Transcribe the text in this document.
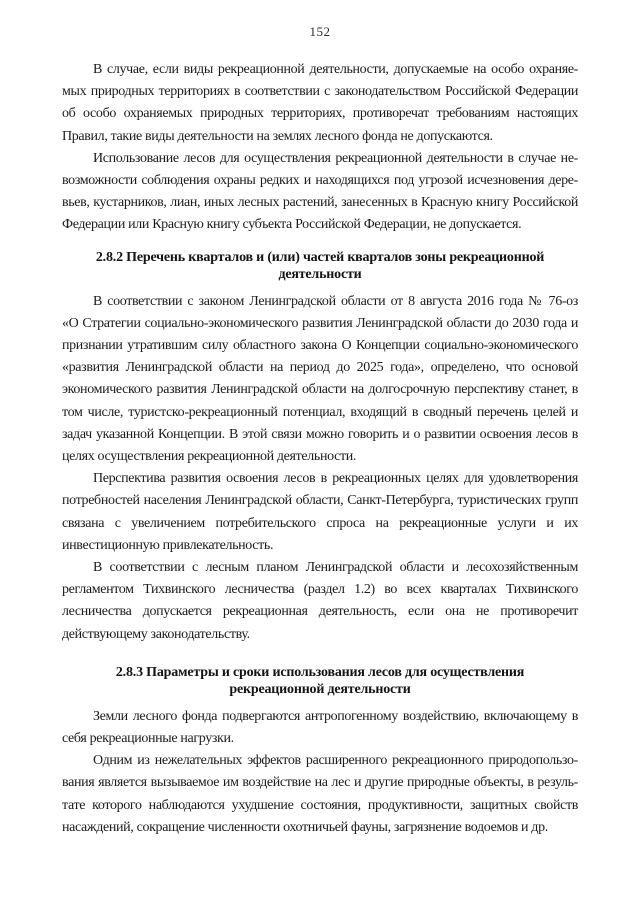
152
В случае, если виды рекреационной деятельности, допускаемые на особо охраняе-
мых природных территориях в соответствии с законодательством Российской Федерации
об особо охраняемых природных территориях, противоречат требованиям настоящих
Правил, такие виды деятельности на землях лесного фонда не допускаются.
Использование лесов для осуществления рекреационной деятельности в случае не-
возможности соблюдения охраны редких и находящихся под угрозой исчезновения дере-
вьев, кустарников, лиан, иных лесных растений, занесенных в Красную книгу Российской
Федерации или Красную книгу субъекта Российской Федерации, не допускается.
2.8.2 Перечень кварталов и (или) частей кварталов зоны рекреационной
деятельности
В соответствии с законом Ленинградской области от 8 августа 2016 года № 76-оз
«О Стратегии социально-экономического развития Ленинградской области до 2030 года и
признании утратившим силу областного закона О Концепции социально-экономического
«развития Ленинградской области на период до 2025 года», определено, что основой
экономического развития Ленинградской области на долгосрочную перспективу станет, в
том числе, туристско-рекреационный потенциал, входящий в сводный перечень целей и
задач указанной Концепции. В этой связи можно говорить и о развитии освоения лесов в
целях осуществления рекреационной деятельности.
Перспектива развития освоения лесов в рекреационных целях для удовлетворения
потребностей населения Ленинградской области, Санкт-Петербурга, туристических групп
связана с увеличением потребительского спроса на рекреационные услуги и их
инвестиционную привлекательность.
В соответствии с лесным планом Ленинградской области и лесохозяйственным
регламентом Тихвинского лесничества (раздел 1.2) во всех кварталах Тихвинского
лесничества допускается рекреационная деятельность, если она не противоречит
действующему законодательству.
2.8.3 Параметры и сроки использования лесов для осуществления
рекреационной деятельности
Земли лесного фонда подвергаются антропогенному воздействию, включающему в
себя рекреационные нагрузки.
Одним из нежелательных эффектов расширенного рекреационного природопользо-
вания является вызываемое им воздействие на лес и другие природные объекты, в резуль-
тате которого наблюдаются ухудшение состояния, продуктивности, защитных свойств
насаждений, сокращение численности охотничьей фауны, загрязнение водоемов и др.
